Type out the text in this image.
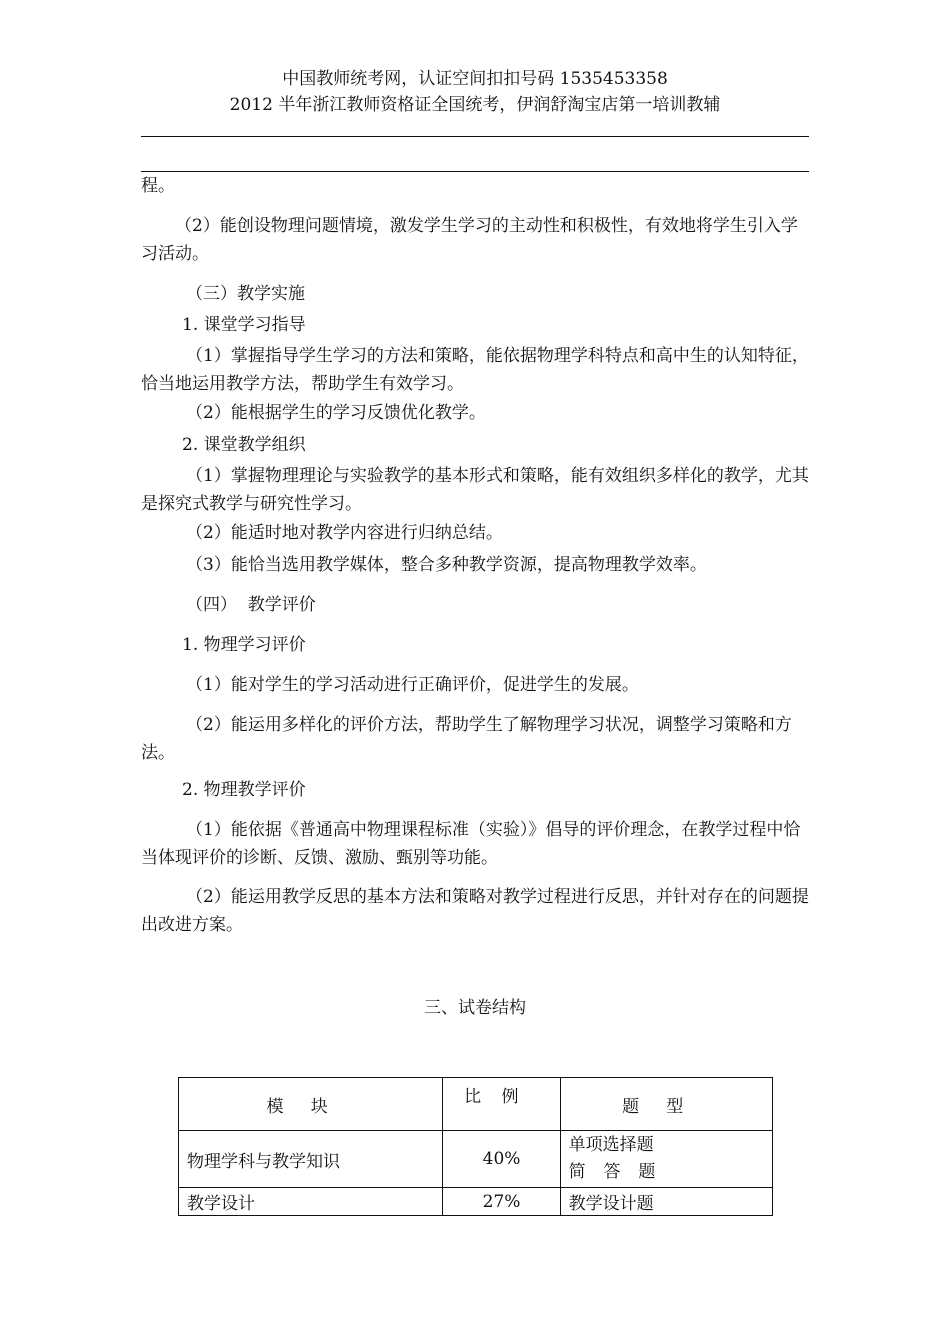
中国教师统考网，认证空间扣扣号码 1535453358
2012 半年浙江教师资格证全国统考，伊润舒淘宝店第一培训教辅

程。

（2）能创设物理问题情境，激发学生学习的主动性和积极性，有效地将学生引入学习活动。

（三）教学实施

1. 课堂学习指导

（1）掌握指导学生学习的方法和策略，能依据物理学科特点和高中生的认知特征，恰当地运用教学方法，帮助学生有效学习。

（2）能根据学生的学习反馈优化教学。

2. 课堂教学组织

（1）掌握物理理论与实验教学的基本形式和策略，能有效组织多样化的教学，尤其是探究式教学与研究性学习。

（2）能适时地对教学内容进行归纳总结。

（3）能恰当选用教学媒体，整合多种教学资源，提高物理教学效率。

（四）  教学评价

1. 物理学习评价

（1）能对学生的学习活动进行正确评价，促进学生的发展。

（2）能运用多样化的评价方法，帮助学生了解物理学习状况，调整学习策略和方法。

2. 物理教学评价

（1）能依据《普通高中物理课程标准（实验）》倡导的评价理念，在教学过程中恰当体现评价的诊断、反馈、激励、甄别等功能。

（2）能运用教学反思的基本方法和策略对教学过程进行反思，并针对存在的问题提出改进方案。

三、试卷结构
模块	比例	题型
物理学科与教学知识	40%	单项选择题
简答题

教学设计	27%	教学设计题
